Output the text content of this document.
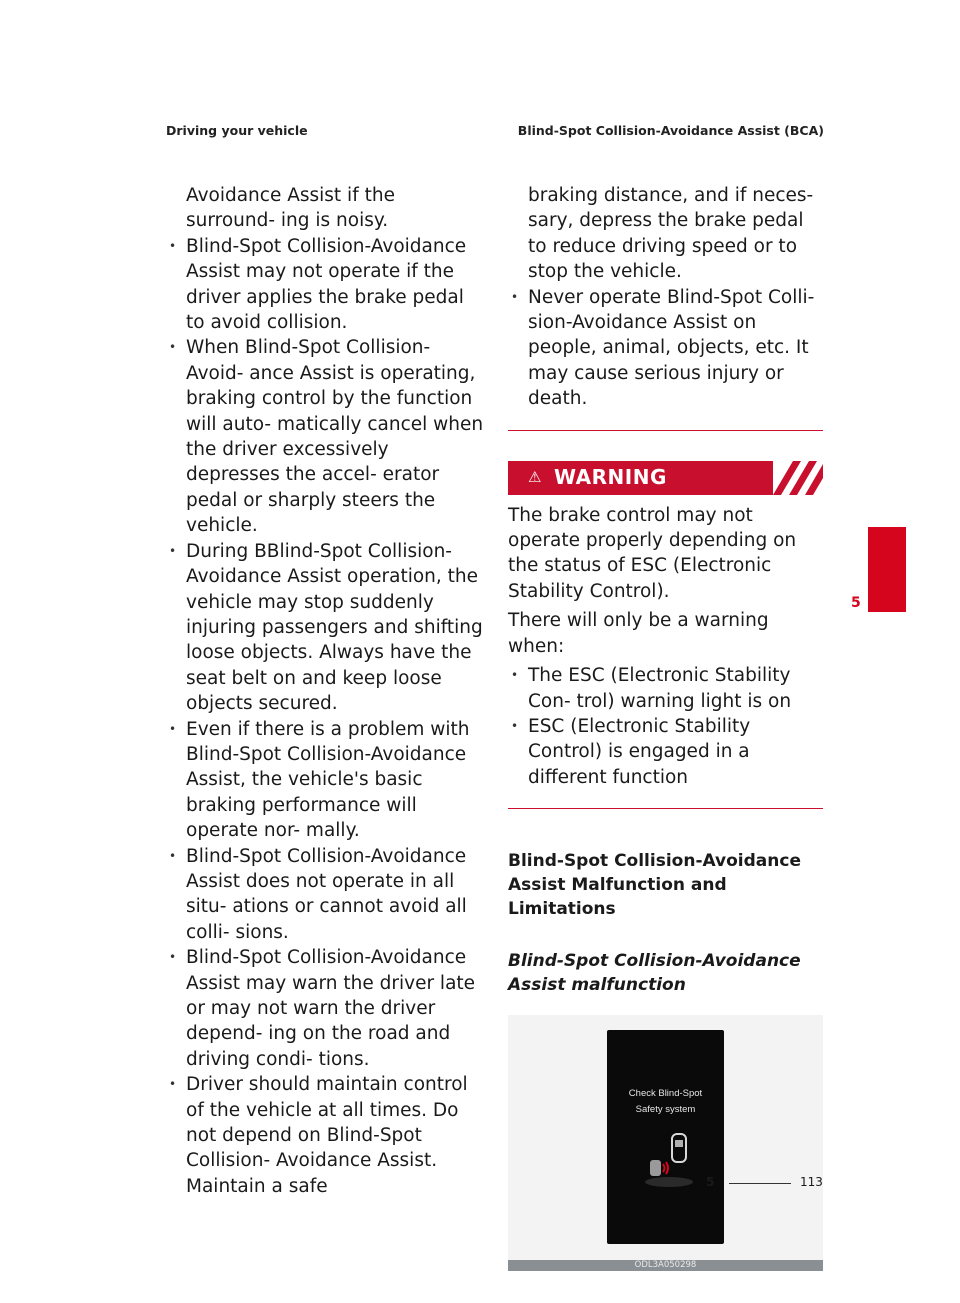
Driving your vehicle	Blind-Spot Collision-Avoidance Assist (BCA)

Avoidance Assist if the surround- ing is noisy.

• Blind-Spot Collision-Avoidance Assist may not operate if the driver applies the brake pedal to avoid collision.
• When Blind-Spot Collision-Avoid- ance Assist is operating, braking control by the function will auto- matically cancel when the driver excessively depresses the accel- erator pedal or sharply steers the vehicle.
• During BBlind-Spot Collision- Avoidance Assist operation, the vehicle may stop suddenly injuring passengers and shifting loose objects. Always have the seat belt on and keep loose objects secured.
• Even if there is a problem with Blind-Spot Collision-Avoidance Assist, the vehicle's basic braking performance will operate nor- mally.
• Blind-Spot Collision-Avoidance Assist does not operate in all situ- ations or cannot avoid all colli- sions.
• Blind-Spot Collision-Avoidance Assist may warn the driver late or may not warn the driver depend- ing on the road and driving condi- tions.
• Driver should maintain control of the vehicle at all times. Do not depend on Blind-Spot Collision- Avoidance Assist. Maintain a safe

braking distance, and if neces- sary, depress the brake pedal to reduce driving speed or to stop the vehicle.

• Never operate Blind-Spot Colli- sion-Avoidance Assist on people, animal, objects, etc. It may cause serious injury or death.
⚠ WARNING

The brake control may not operate properly depending on the status of ESC (Electronic Stability Control).

There will only be a warning when:

• The ESC (Electronic Stability Con- trol) warning light is on
• ESC (Electronic Stability Control) is engaged in a different function
Blind-Spot Collision-Avoidance Assist Malfunction and Limitations
Blind-Spot Collision-Avoidance Assist malfunction
Check Blind-Spot
Safety system
ODL3A050298
5
5	113
